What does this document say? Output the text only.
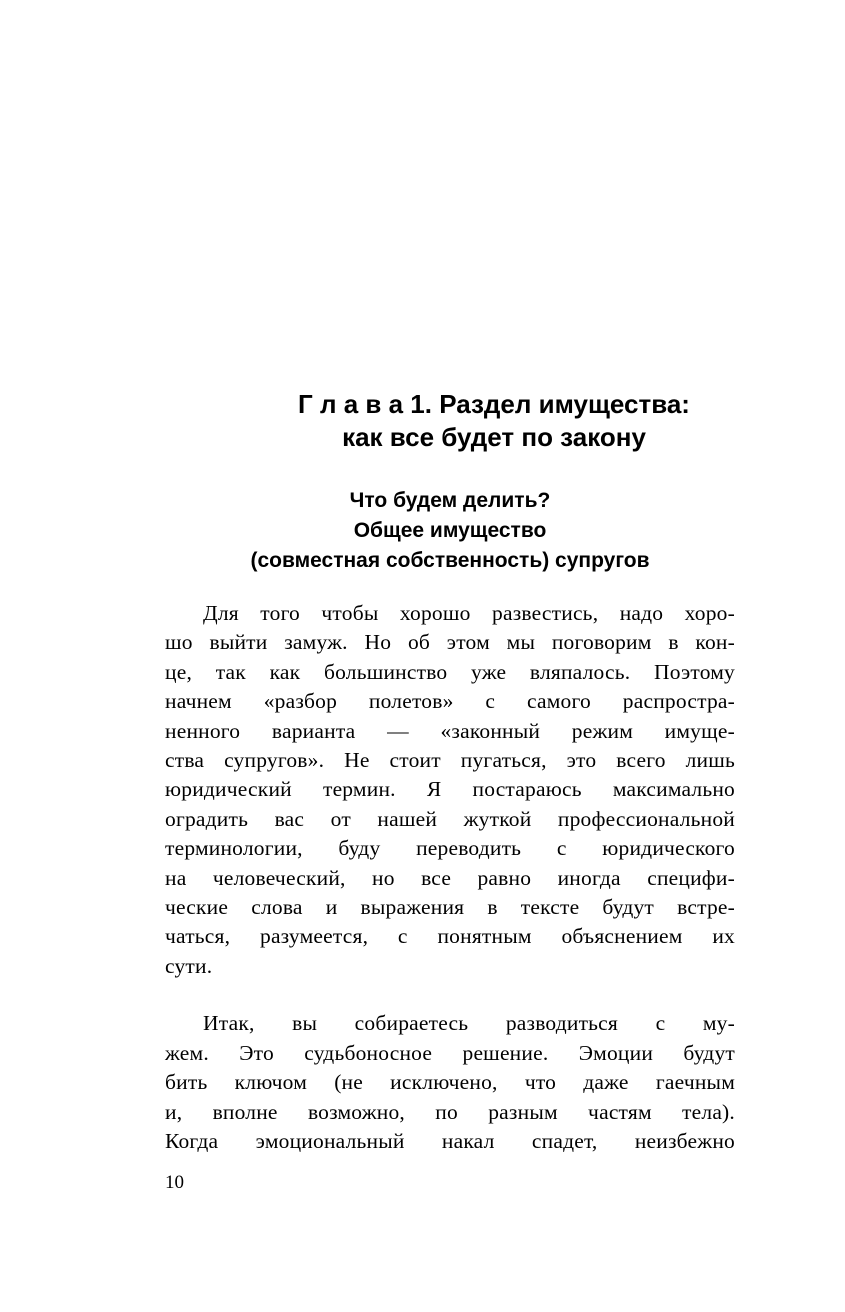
Г л а в а 1. Раздел имущества:
как все будет по закону
Что будем делить?
Общее имущество
(совместная собственность) супругов
Для того чтобы хорошо развестись, надо хоро-
шо выйти замуж. Но об этом мы поговорим в кон-
це, так как большинство уже вляпалось. Поэтому
начнем «разбор полетов» с самого распростра-
ненного варианта — «законный режим имуще-
ства супругов». Не стоит пугаться, это всего лишь
юридический термин. Я постараюсь максимально
оградить вас от нашей жуткой профессиональной
терминологии, буду переводить с юридического
на человеческий, но все равно иногда специфи-
ческие слова и выражения в тексте будут встре-
чаться, разумеется, с понятным объяснением их
сути.
Итак, вы собираетесь разводиться с му-
жем. Это судьбоносное решение. Эмоции будут
бить ключом (не исключено, что даже гаечным
и, вполне возможно, по разным частям тела).
Когда эмоциональный накал спадет, неизбежно
10
